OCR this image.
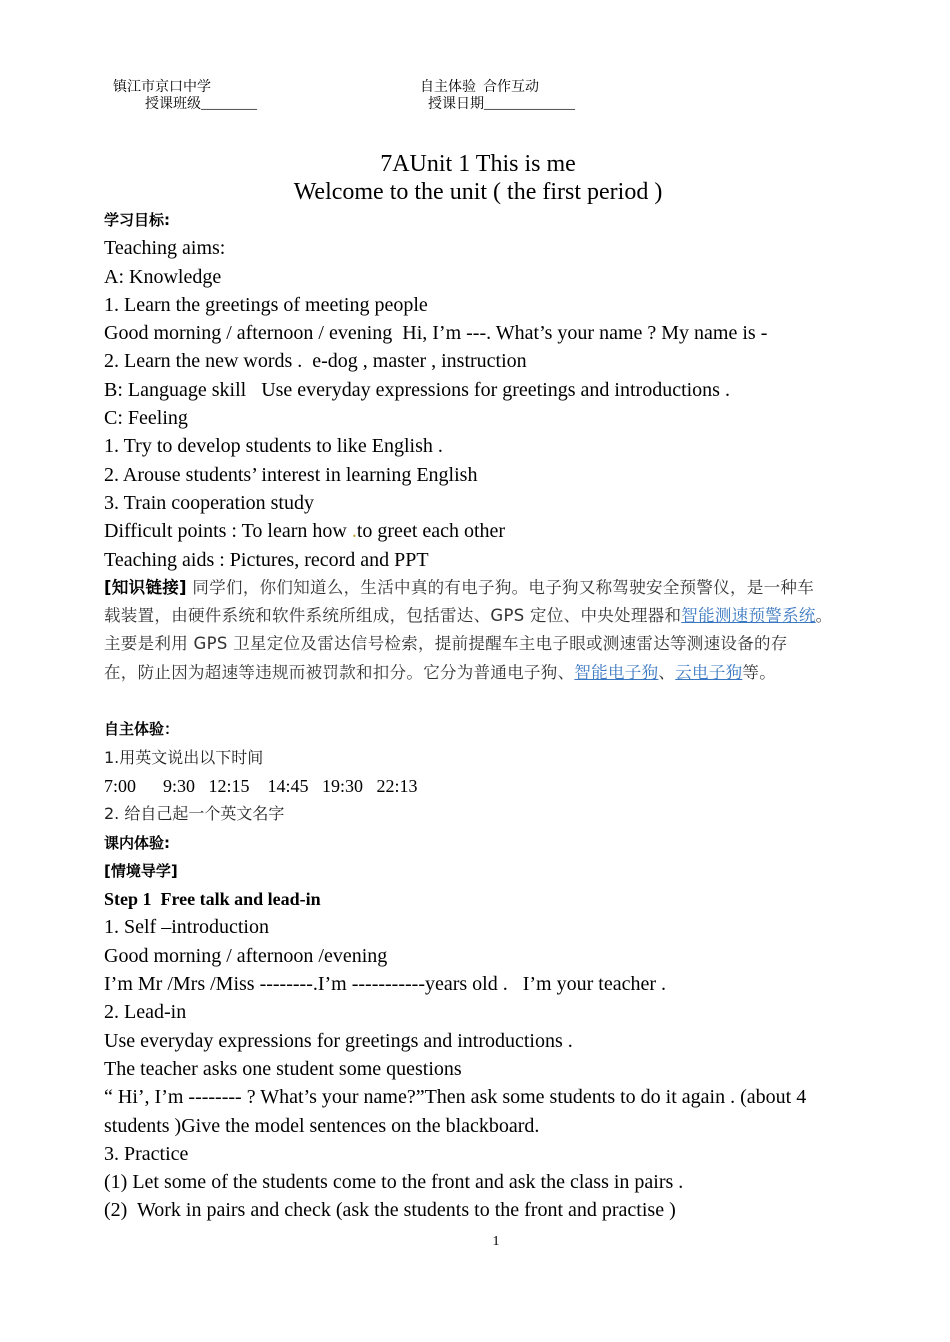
镇江市京口中学
授课班级________
自主体验  合作互动
授课日期_____________
7AUnit 1 This is me
Welcome to the unit ( the first period )
学习目标:
Teaching aims:
A: Knowledge
1. Learn the greetings of meeting people
Good morning / afternoon / evening  Hi, I’m ---. What’s your name ? My name is -
2. Learn the new words .  e-dog , master , instruction
B: Language skill   Use everyday expressions for greetings and introductions .
C: Feeling
1. Try to develop students to like English .
2. Arouse students’ interest in learning English
3. Train cooperation study
Difficult points : To learn how .to greet each other
Teaching aids : Pictures, record and PPT
[知识链接] 同学们，你们知道么，生活中真的有电子狗。电子狗又称驾驶安全预警仪，是一种车
载装置，由硬件系统和软件系统所组成，包括雷达、GPS 定位、中央处理器和智能测速预警系统。
主要是利用 GPS 卫星定位及雷达信号检索，提前提醒车主电子眼或测速雷达等测速设备的存
在，防止因为超速等违规而被罚款和扣分。它分为普通电子狗、智能电子狗、云电子狗等。
自主体验：
1.用英文说出以下时间
7:00      9:30   12:15    14:45   19:30   22:13
2. 给自己起一个英文名字
课内体验:
[情境导学]
Step 1  Free talk and lead-in
1. Self –introduction
Good morning / afternoon /evening
I’m Mr /Mrs /Miss --------.I’m -----------years old .   I’m your teacher .
2. Lead-in
Use everyday expressions for greetings and introductions .
The teacher asks one student some questions
“ Hi’, I’m -------- ? What’s your name?”Then ask some students to do it again . (about 4
students )Give the model sentences on the blackboard.
3. Practice
(1) Let some of the students come to the front and ask the class in pairs .
(2)  Work in pairs and check (ask the students to the front and practise )
1
